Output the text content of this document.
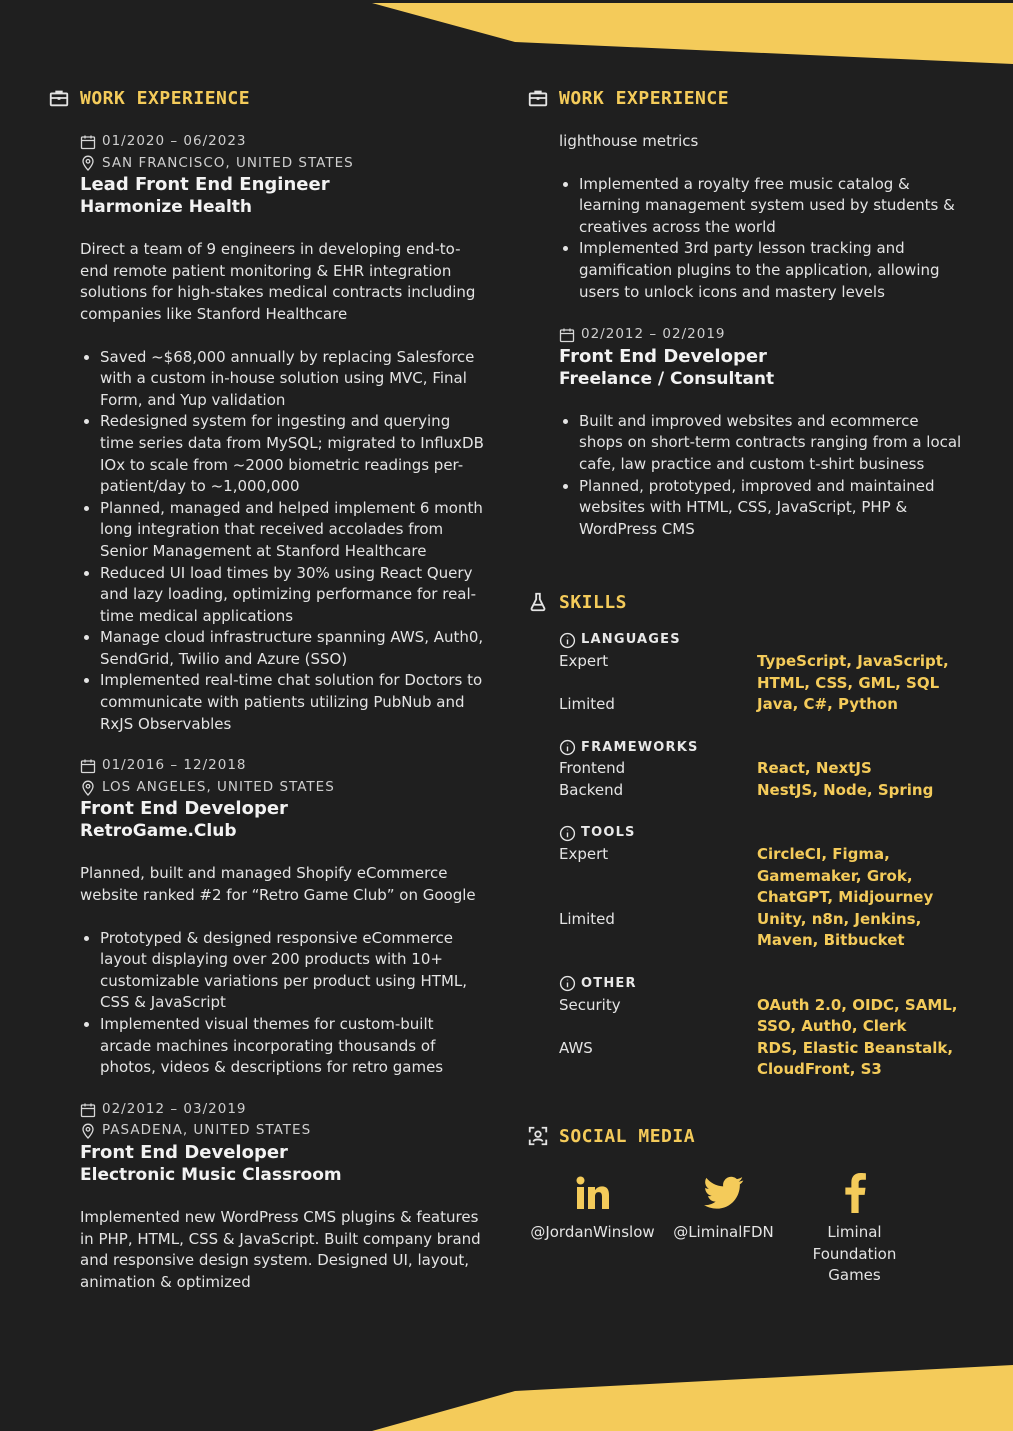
WORK EXPERIENCE
01/2020 – 06/2023
SAN FRANCISCO, UNITED STATES
Lead Front End Engineer
Harmonize Health

Direct a team of 9 engineers in developing end-to-end remote patient monitoring & EHR integration solutions for high-stakes medical contracts including companies like Stanford Healthcare

• Saved ~$68,000 annually by replacing Salesforce with a custom in-house solution using MVC, Final Form, and Yup validation
• Redesigned system for ingesting and querying time series data from MySQL; migrated to InfluxDB IOx to scale from ~2000 biometric readings per-patient/day to ~1,000,000
• Planned, managed and helped implement 6 month long integration that received accolades from Senior Management at Stanford Healthcare
• Reduced UI load times by 30% using React Query and lazy loading, optimizing performance for real-time medical applications
• Manage cloud infrastructure spanning AWS, Auth0, SendGrid, Twilio and Azure (SSO)
• Implemented real-time chat solution for Doctors to communicate with patients utilizing PubNub and RxJS Observables
01/2016 – 12/2018
LOS ANGELES, UNITED STATES
Front End Developer
RetroGame.Club

Planned, built and managed Shopify eCommerce website ranked #2 for “Retro Game Club” on Google

• Prototyped & designed responsive eCommerce layout displaying over 200 products with 10+ customizable variations per product using HTML, CSS & JavaScript
• Implemented visual themes for custom-built arcade machines incorporating thousands of photos, videos & descriptions for retro games
02/2012 – 03/2019
PASADENA, UNITED STATES
Front End Developer
Electronic Music Classroom

Implemented new WordPress CMS plugins & features in PHP, HTML, CSS & JavaScript. Built company brand and responsive design system. Designed UI, layout, animation & optimized

WORK EXPERIENCE

lighthouse metrics

• Implemented a royalty free music catalog & learning management system used by students & creatives across the world
• Implemented 3rd party lesson tracking and gamification plugins to the application, allowing users to unlock icons and mastery levels
02/2012 – 02/2019
Front End Developer
Freelance / Consultant
• Built and improved websites and ecommerce shops on short-term contracts ranging from a local cafe, law practice and custom t-shirt business
• Planned, prototyped, improved and maintained websites with HTML, CSS, JavaScript, PHP & WordPress CMS
SKILLS
LANGUAGES
Expert	TypeScript, JavaScript, HTML, CSS, GML, SQL
Limited	Java, C#, Python
FRAMEWORKS
Frontend	React, NextJS
Backend	NestJS, Node, Spring
TOOLS
Expert	CircleCI, Figma, Gamemaker, Grok, ChatGPT, Midjourney
Limited	Unity, n8n, Jenkins, Maven, Bitbucket
OTHER
Security	OAuth 2.0, OIDC, SAML, SSO, Auth0, Clerk
AWS	RDS, Elastic Beanstalk, CloudFront, S3
SOCIAL MEDIA
@JordanWinslow	@LiminalFDN	Liminal Foundation Games
